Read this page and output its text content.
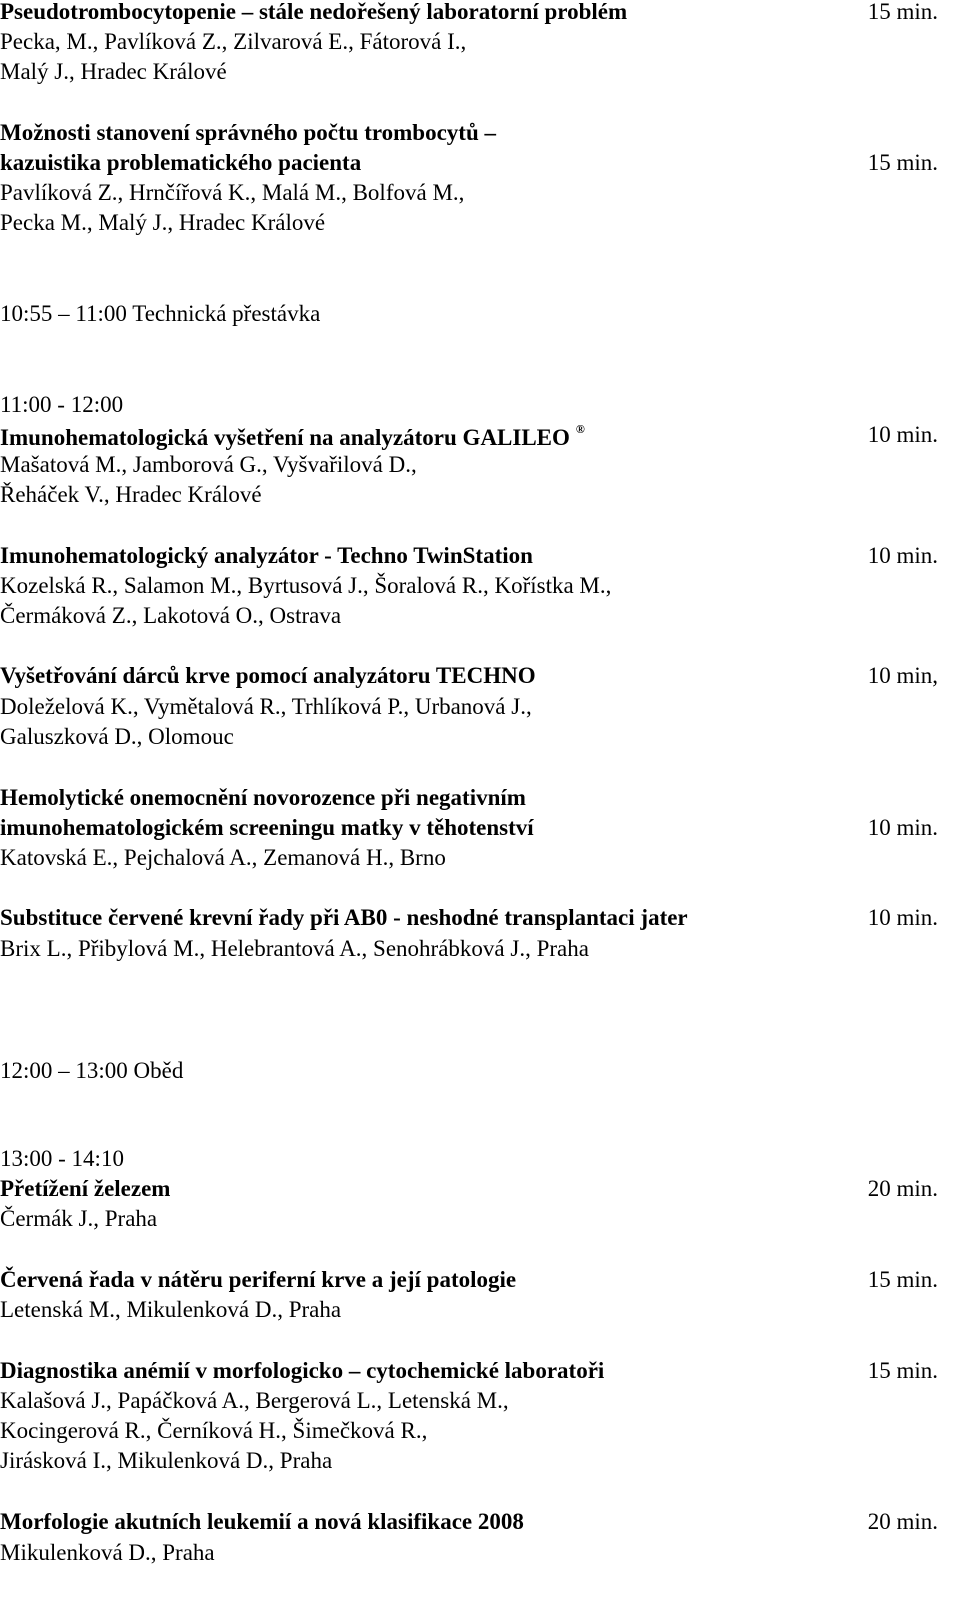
Pseudotrombocytopenie – stále nedořešený laboratorní problém	15 min.
Pecka, M., Pavlíková Z., Zilvarová E., Fátorová I.,
Malý J., Hradec Králové
Možnosti stanovení správného počtu trombocytů –
kazuistika problematického pacienta	15 min.
Pavlíková Z., Hrnčířová K., Malá M., Bolfová M.,
Pecka M., Malý J., Hradec Králové
10:55 – 11:00 Technická přestávka
11:00 - 12:00
Imunohematologická vyšetření na analyzátoru GALILEO ®	10 min.
Mašatová M., Jamborová G., Vyšvařilová D.,
Řeháček V., Hradec Králové
Imunohematologický analyzátor - Techno TwinStation	10 min.
Kozelská R., Salamon M., Byrtusová J., Šoralová R., Kořístka M.,
Čermáková Z., Lakotová O., Ostrava
Vyšetřování dárců krve pomocí analyzátoru TECHNO	10 min,
Doleželová K., Vymětalová R., Trhlíková P., Urbanová J.,
Galuszková D., Olomouc
Hemolytické onemocnění novorozence při negativním
imunohematologickém screeningu matky v těhotenství	10 min.
Katovská E., Pejchalová A., Zemanová H., Brno
Substituce červené krevní řady při AB0 - neshodné transplantaci jater	10 min.
Brix L., Přibylová M., Helebrantová A., Senohrábková J., Praha
12:00 – 13:00 Oběd
13:00 - 14:10
Přetížení železem	20 min.
Čermák J., Praha
Červená řada v nátěru periferní krve a její patologie	15 min.
Letenská M., Mikulenková D., Praha
Diagnostika anémií v morfologicko – cytochemické laboratoři	15 min.
Kalašová J., Papáčková A., Bergerová L., Letenská M.,
Kocingerová R., Černíková H., Šimečková R.,
Jirásková I., Mikulenková D., Praha
Morfologie akutních leukemií a nová klasifikace 2008	20 min.
Mikulenková D., Praha
